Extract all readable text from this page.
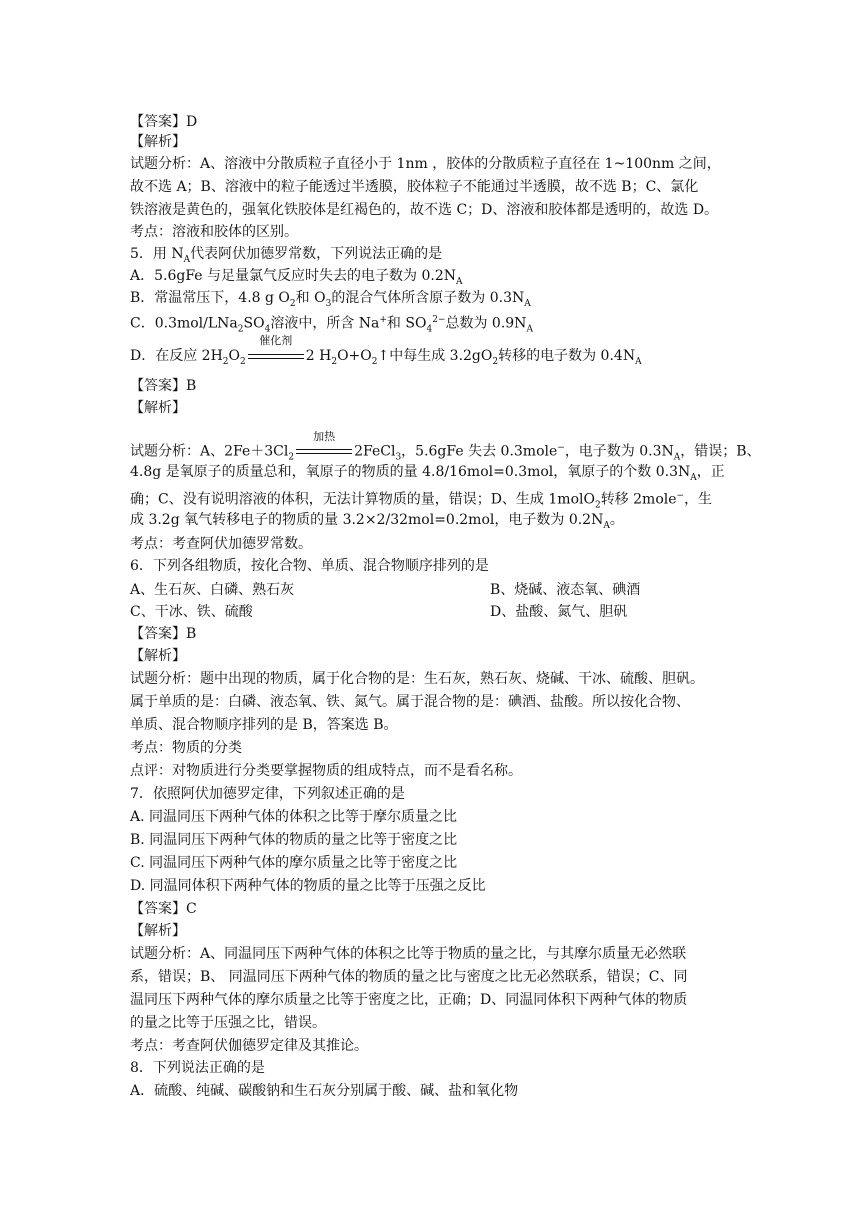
【 答案 】 D
【 解析 】
试题分析：A、溶液中分散质粒子直径小于 1nm ，胶体的分散质粒子直径在 1~100nm 之间，
故不选 A；B、溶液中的粒子能透过半透膜，胶体粒子不能通过半透膜，故不选 B；C、氯化
铁溶液是黄色的，强氧化铁胶体是红褐色的，故不选 C；D、溶液和胶体都是透明的，故选 D。
考点：溶液和胶体的区别。
5．用 $N_A$代表阿伏加德罗常数，下列说法正确的是
A．5.6gFe 与足量氯气反应时失去的电子数为 $0.2N_A$
B．常温常压下，4.8 g $O_2$和 $O_3$的混合气体所含原子数为 $0.3N_A$
C．$0.3mol/LNa_2SO_4$溶液中，所含 Na+和 $SO_4^{2-}$总数为 $0.9N_A$
D．在反应 $2H_2O_2$
催化剂
2 $H_2O+O_2↑$中每生成 $3.2gO_2$转移的电子数为 $0.4N_A$
【 答案 】 B
【 解析 】
试题分析：A、$2Fe+3Cl_2$
加热
2FeCl$_3$，5.6gFe 失去 0.3mole−，电子数为 $0.3N_A$，错误；B、
4.8g 是氧原子的质量总和，氧原子的物质的量 4.8/16mol=0.3mol，氧原子的个数 $0.3N_A$，正
确；C、没有说明溶液的体积，无法计算物质的量，错误；D、生成 1molO$_2$转移 2mole−，生
成 3.2g 氧气转移电子的物质的量 3.2×2/32mol=0.2mol，电子数为 $0.2N_A$。
考点：考查阿伏加德罗常数。
6．下列各组物质，按化合物、单质、混合物顺序排列的是
A、生石灰、白磷、熟石灰	B、烧碱、液态氧、碘酒
C、干冰、铁、硫酸	D、盐酸、氮气、胆矾
【 答案 】 B
【 解析 】
试题分析：题中出现的物质，属于化合物的是：生石灰，熟石灰、烧碱、干冰、硫酸、胆矾。
属于单质的是：白磷、液态氧、铁、氮气。属于混合物的是：碘酒、盐酸。所以按化合物、
单质、混合物顺序排列的是 B，答案选 B。
考点：物质的分类
点评：对物质进行分类要掌握物质的组成特点，而不是看名称。
7．依照阿伏加德罗定律，下列叙述正确的是
A. 同温同压下两种气体的体积之比等于摩尔质量之比
B. 同温同压下两种气体的物质的量之比等于密度之比
C. 同温同压下两种气体的摩尔质量之比等于密度之比
D. 同温同体积下两种气体的物质的量之比等于压强之反比
【 答案 】 C
【 解析 】
试题分析：A、同温同压下两种气体的体积之比等于物质的量之比，与其摩尔质量无必然联
系，错误；B、 同温同压下两种气体的物质的量之比与密度之比无必然联系，错误；C、同
温同压下两种气体的摩尔质量之比等于密度之比，正确；D、同温同体积下两种气体的物质
的量之比等于压强之比，错误。
考点：考查阿伏伽德罗定律及其推论。
8．下列说法正确的是
A．硫酸、纯碱、碳酸钠和生石灰分别属于酸、碱、盐和氧化物
